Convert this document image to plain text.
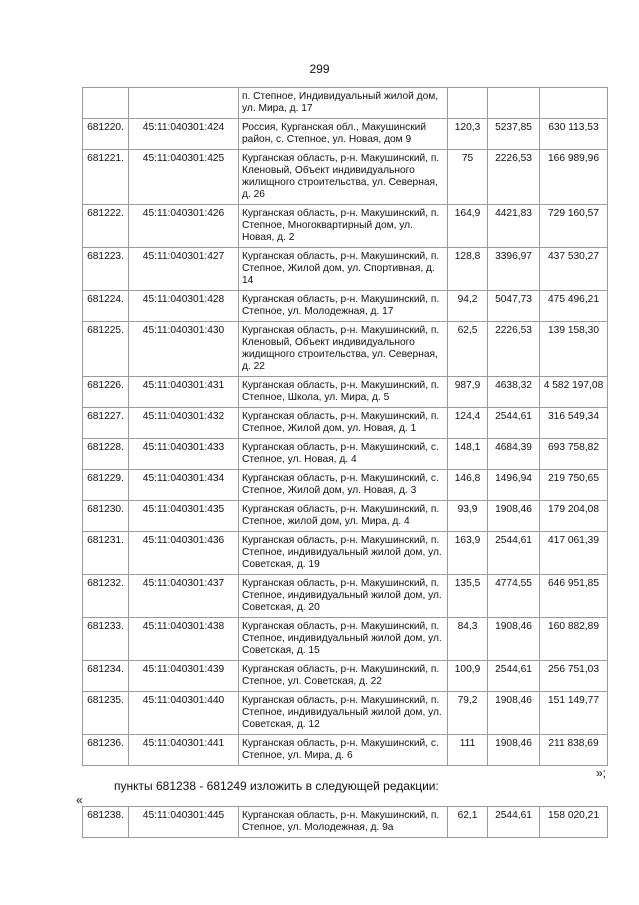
299
		п. Степное, Индивидуальный жилой дом, ул. Мира, д. 17			
681220.	45:11:040301:424	Россия, Курганская обл., Макушинский район, с. Степное, ул. Новая, дом 9	120,3	5237,85	630 113,53
681221.	45:11:040301:425	Курганская область, р-н. Макушинский, п. Кленовый, Объект индивидуального жилищного строительства, ул. Северная, д. 26	75	2226,53	166 989,96
681222.	45:11:040301:426	Курганская область, р-н. Макушинский, п. Степное, Многоквартирный дом, ул. Новая, д. 2	164,9	4421,83	729 160,57
681223.	45:11:040301:427	Курганская область, р-н. Макушинский, п. Степное, Жилой дом, ул. Спортивная, д. 14	128,8	3396,97	437 530,27
681224.	45:11:040301:428	Курганская область, р-н. Макушинский, п. Степное, ул. Молодежная, д. 17	94,2	5047,73	475 496,21
681225.	45:11:040301:430	Курганская область, р-н. Макушинский, п. Кленовый, Объект индивидуального жидищного строительства, ул. Северная, д. 22	62,5	2226,53	139 158,30
681226.	45:11:040301:431	Курганская область, р-н. Макушинский, п. Степное, Школа, ул. Мира, д. 5	987,9	4638,32	4 582 197,08
681227.	45:11:040301:432	Курганская область, р-н. Макушинский, п. Степное, Жилой дом, ул. Новая, д. 1	124,4	2544,61	316 549,34
681228.	45:11:040301:433	Курганская область, р-н. Макушинский, с. Степное, ул. Новая, д. 4	148,1	4684,39	693 758,82
681229.	45:11:040301:434	Курганская область, р-н. Макушинский, с. Степное, Жилой дом, ул. Новая, д. 3	146,8	1496,94	219 750,65
681230.	45:11:040301:435	Курганская область, р-н. Макушинский, п. Степное, жилой дом, ул. Мира, д. 4	93,9	1908,46	179 204,08
681231.	45:11:040301:436	Курганская область, р-н. Макушинский, п. Степное, индивидуальный жилой дом, ул. Советская, д. 19	163,9	2544,61	417 061,39
681232.	45:11:040301:437	Курганская область, р-н. Макушинский, п. Степное, индивидуальный жилой дом, ул. Советская, д. 20	135,5	4774,55	646 951,85
681233.	45:11:040301:438	Курганская область, р-н. Макушинский, п. Степное, индивидуальный жилой дом, ул. Советская, д. 15	84,3	1908,46	160 882,89
681234.	45:11:040301:439	Курганская область, р-н. Макушинский, п. Степное, ул. Советская, д. 22	100,9	2544,61	256 751,03
681235.	45:11:040301:440	Курганская область, р-н. Макушинский, п. Степное, индивидуальный жилой дом, ул. Советская, д. 12	79,2	1908,46	151 149,77
681236.	45:11:040301:441	Курганская область, р-н. Макушинский, с. Степное, ул. Мира, д. 6	111	1908,46	211 838,69
»;
пункты 681238 - 681249 изложить в следующей редакции:
«
681238.	45:11:040301:445	Курганская область, р-н. Макушинский, п. Степное, ул. Молодежная, д. 9а	62,1	2544,61	158 020,21
